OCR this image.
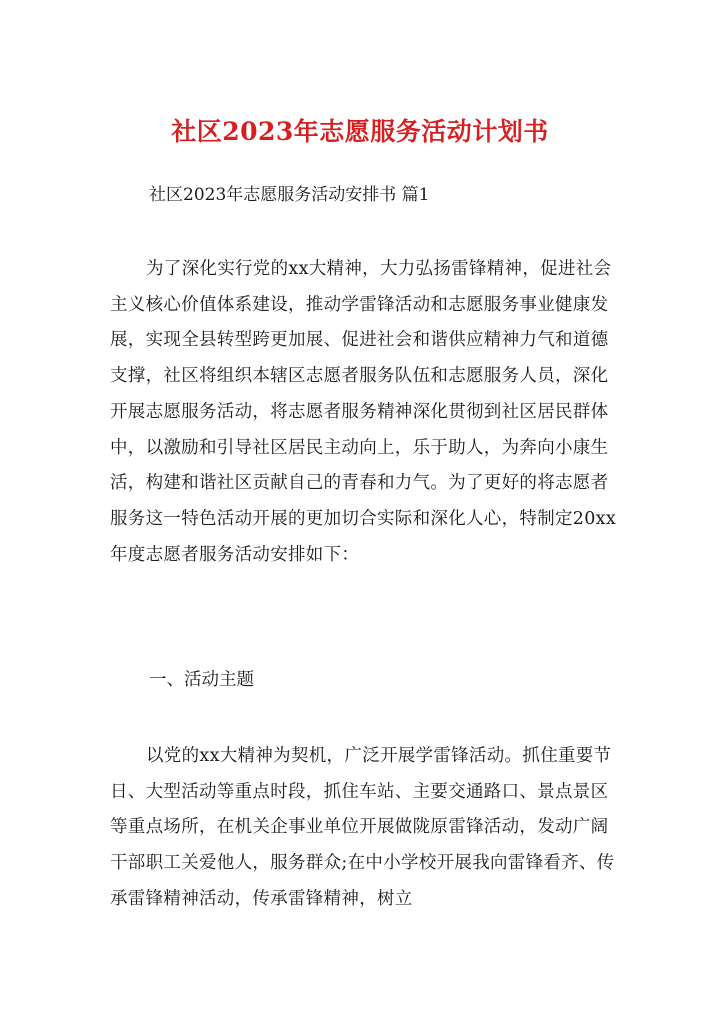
社区2023年志愿服务活动计划书
社区2023年志愿服务活动安排书 篇1
为了深化实行党的xx大精神，大力弘扬雷锋精神，促进社会主义核心价值体系建设，推动学雷锋活动和志愿服务事业健康发展，实现全县转型跨更加展、促进社会和谐供应精神力气和道德支撑，社区将组织本辖区志愿者服务队伍和志愿服务人员，深化开展志愿服务活动，将志愿者服务精神深化贯彻到社区居民群体中，以激励和引导社区居民主动向上，乐于助人，为奔向小康生活，构建和谐社区贡献自己的青春和力气。为了更好的将志愿者服务这一特色活动开展的更加切合实际和深化人心，特制定20xx年度志愿者服务活动安排如下：
一、活动主题
以党的xx大精神为契机，广泛开展学雷锋活动。抓住重要节日、大型活动等重点时段，抓住车站、主要交通路口、景点景区等重点场所，在机关企事业单位开展做陇原雷锋活动，发动广阔干部职工关爱他人，服务群众;在中小学校开展我向雷锋看齐、传承雷锋精神活动，传承雷锋精神，树立
